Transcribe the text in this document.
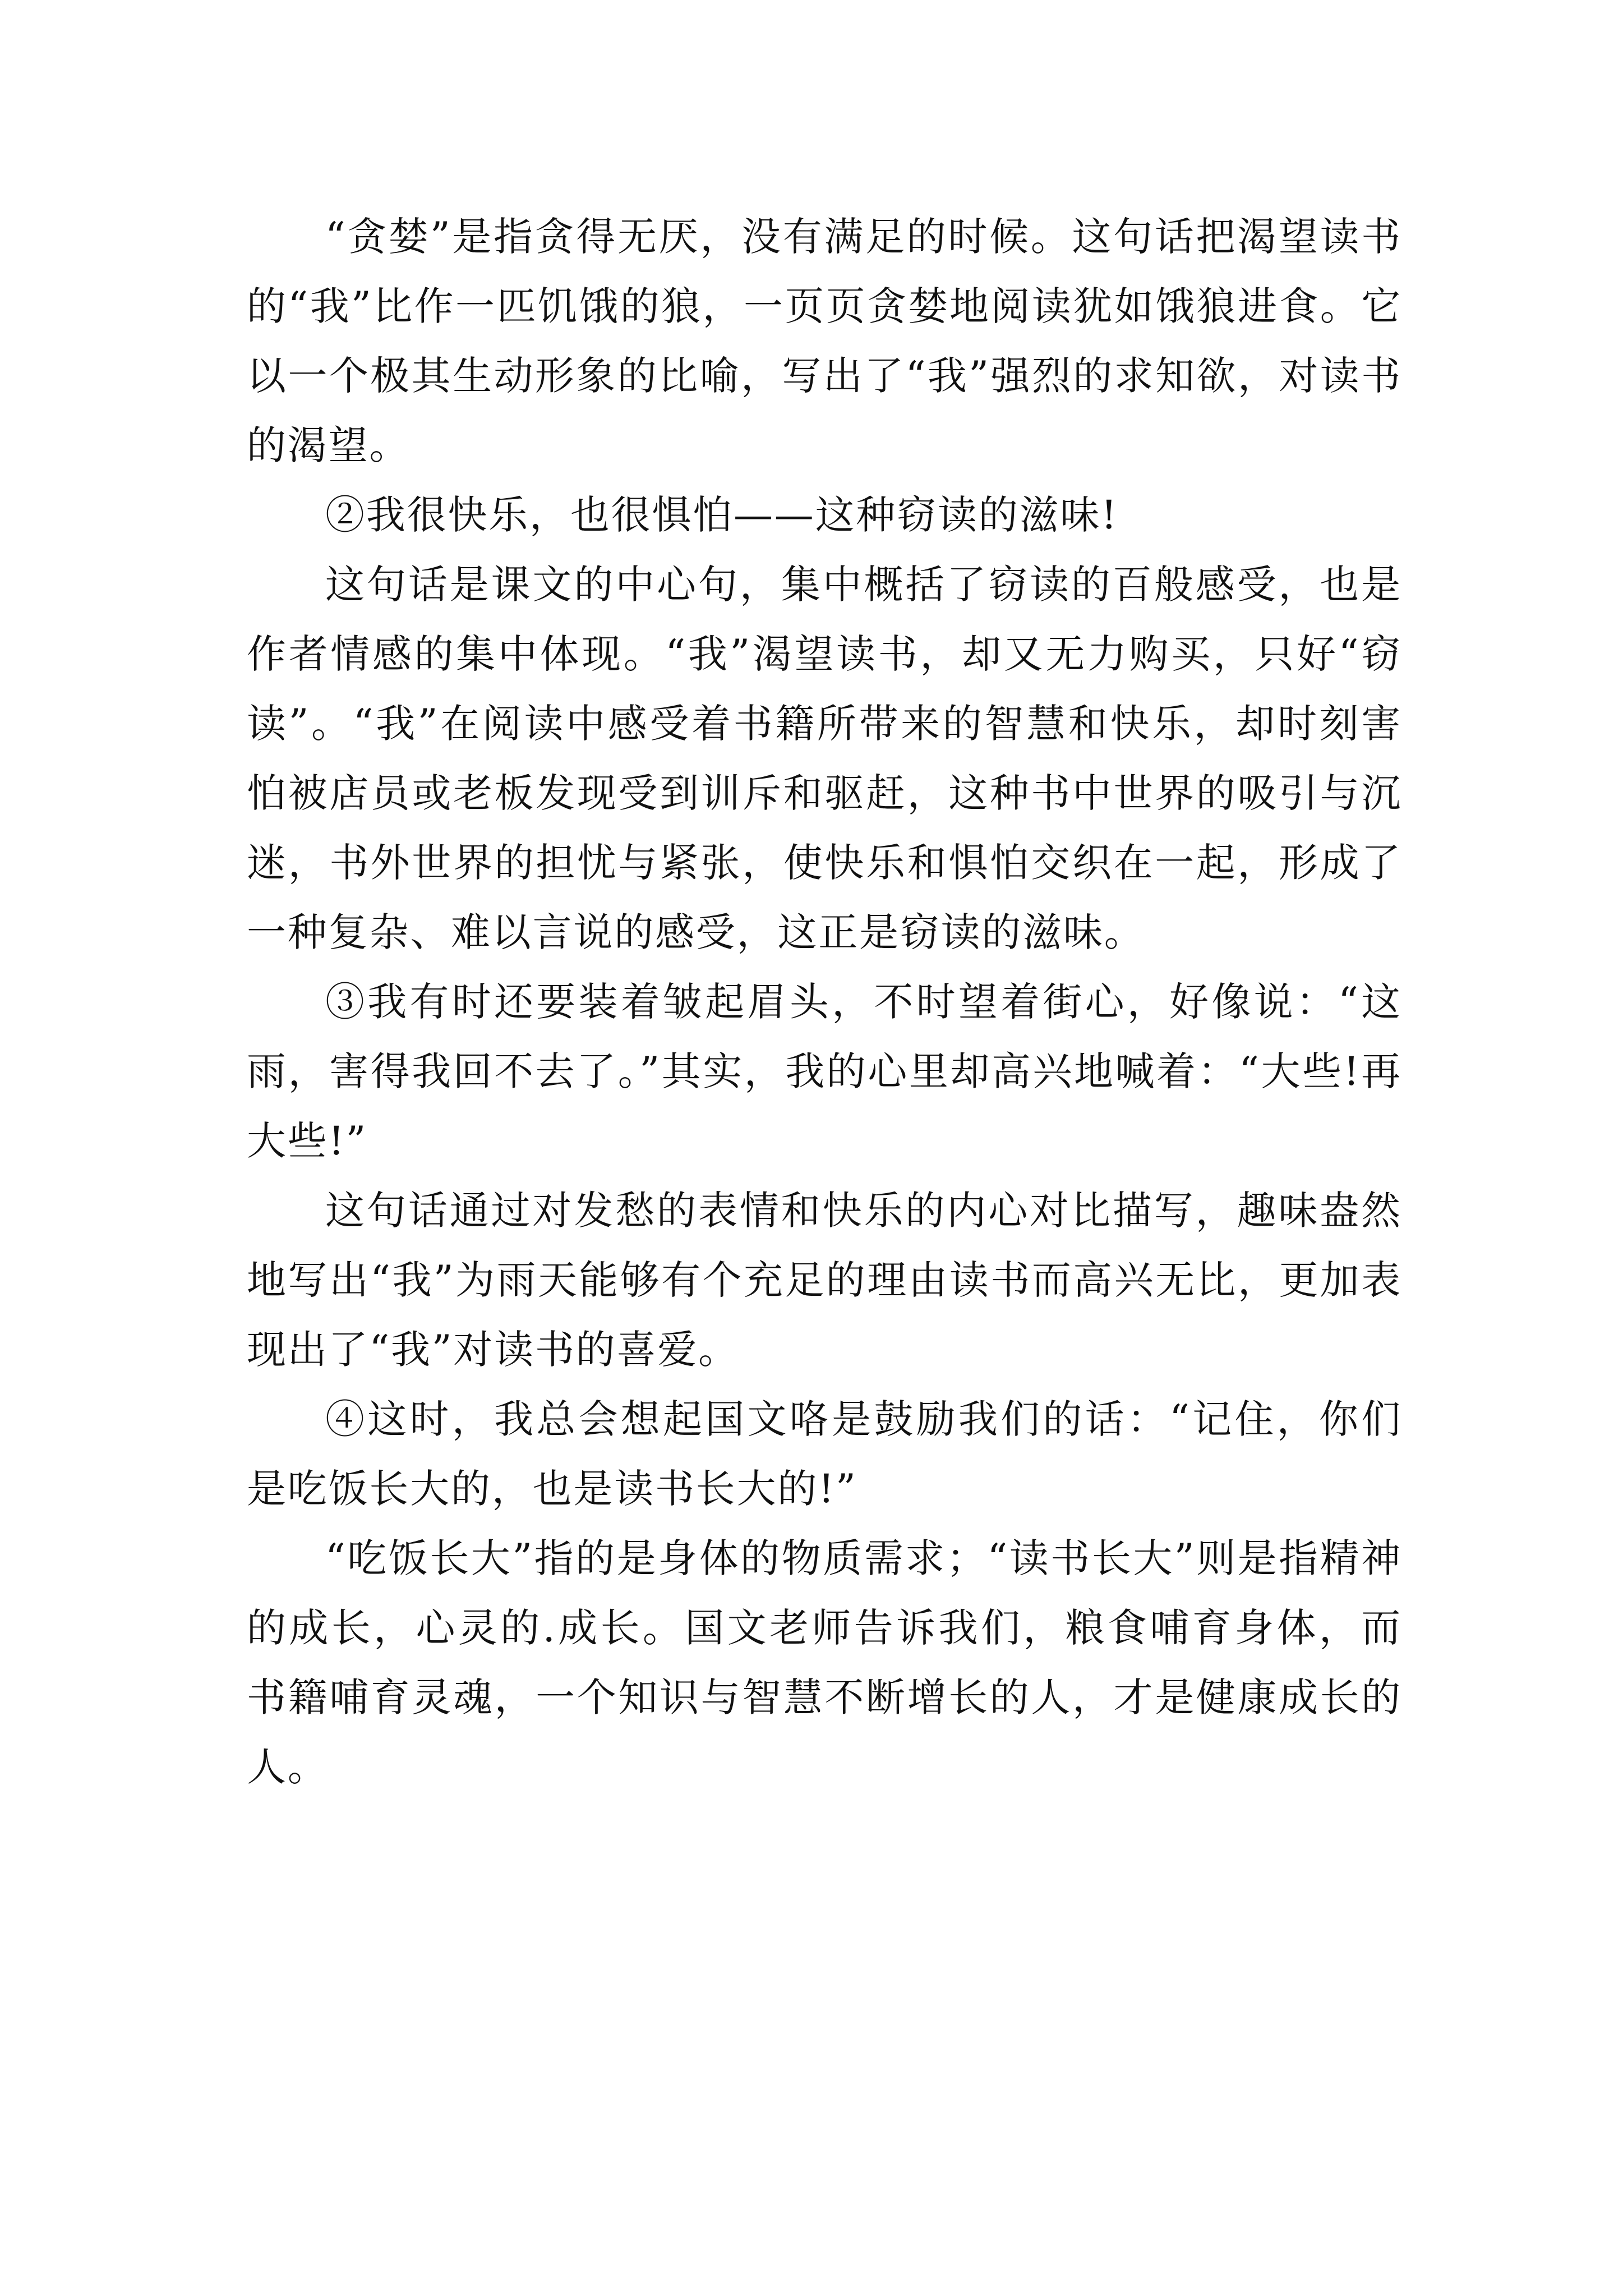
“贪婪”是指贪得无厌，没有满足的时候。这句话把渴望读书的“我”比作一匹饥饿的狼，一页页贪婪地阅读犹如饿狼进食。它以一个极其生动形象的比喻，写出了“我”强烈的求知欲，对读书的渴望。

②我很快乐，也很惧怕——这种窃读的滋味!

这句话是课文的中心句，集中概括了窃读的百般感受，也是作者情感的集中体现。“我”渴望读书，却又无力购买，只好“窃读”。“我”在阅读中感受着书籍所带来的智慧和快乐，却时刻害怕被店员或老板发现受到训斥和驱赶，这种书中世界的吸引与沉迷，书外世界的担忧与紧张，使快乐和惧怕交织在一起，形成了一种复杂、难以言说的感受，这正是窃读的滋味。

③我有时还要装着皱起眉头，不时望着街心，好像说：“这雨，害得我回不去了。”其实，我的心里却高兴地喊着：“大些!再大些!”

这句话通过对发愁的表情和快乐的内心对比描写，趣味盎然地写出“我”为雨天能够有个充足的理由读书而高兴无比，更加表现出了“我”对读书的喜爱。

④这时，我总会想起国文咯是鼓励我们的话：“记住，你们是吃饭长大的，也是读书长大的!”

“吃饭长大”指的是身体的物质需求；“读书长大”则是指精神的成长，心灵的.成长。国文老师告诉我们，粮食哺育身体，而书籍哺育灵魂，一个知识与智慧不断增长的人，才是健康成长的人。
